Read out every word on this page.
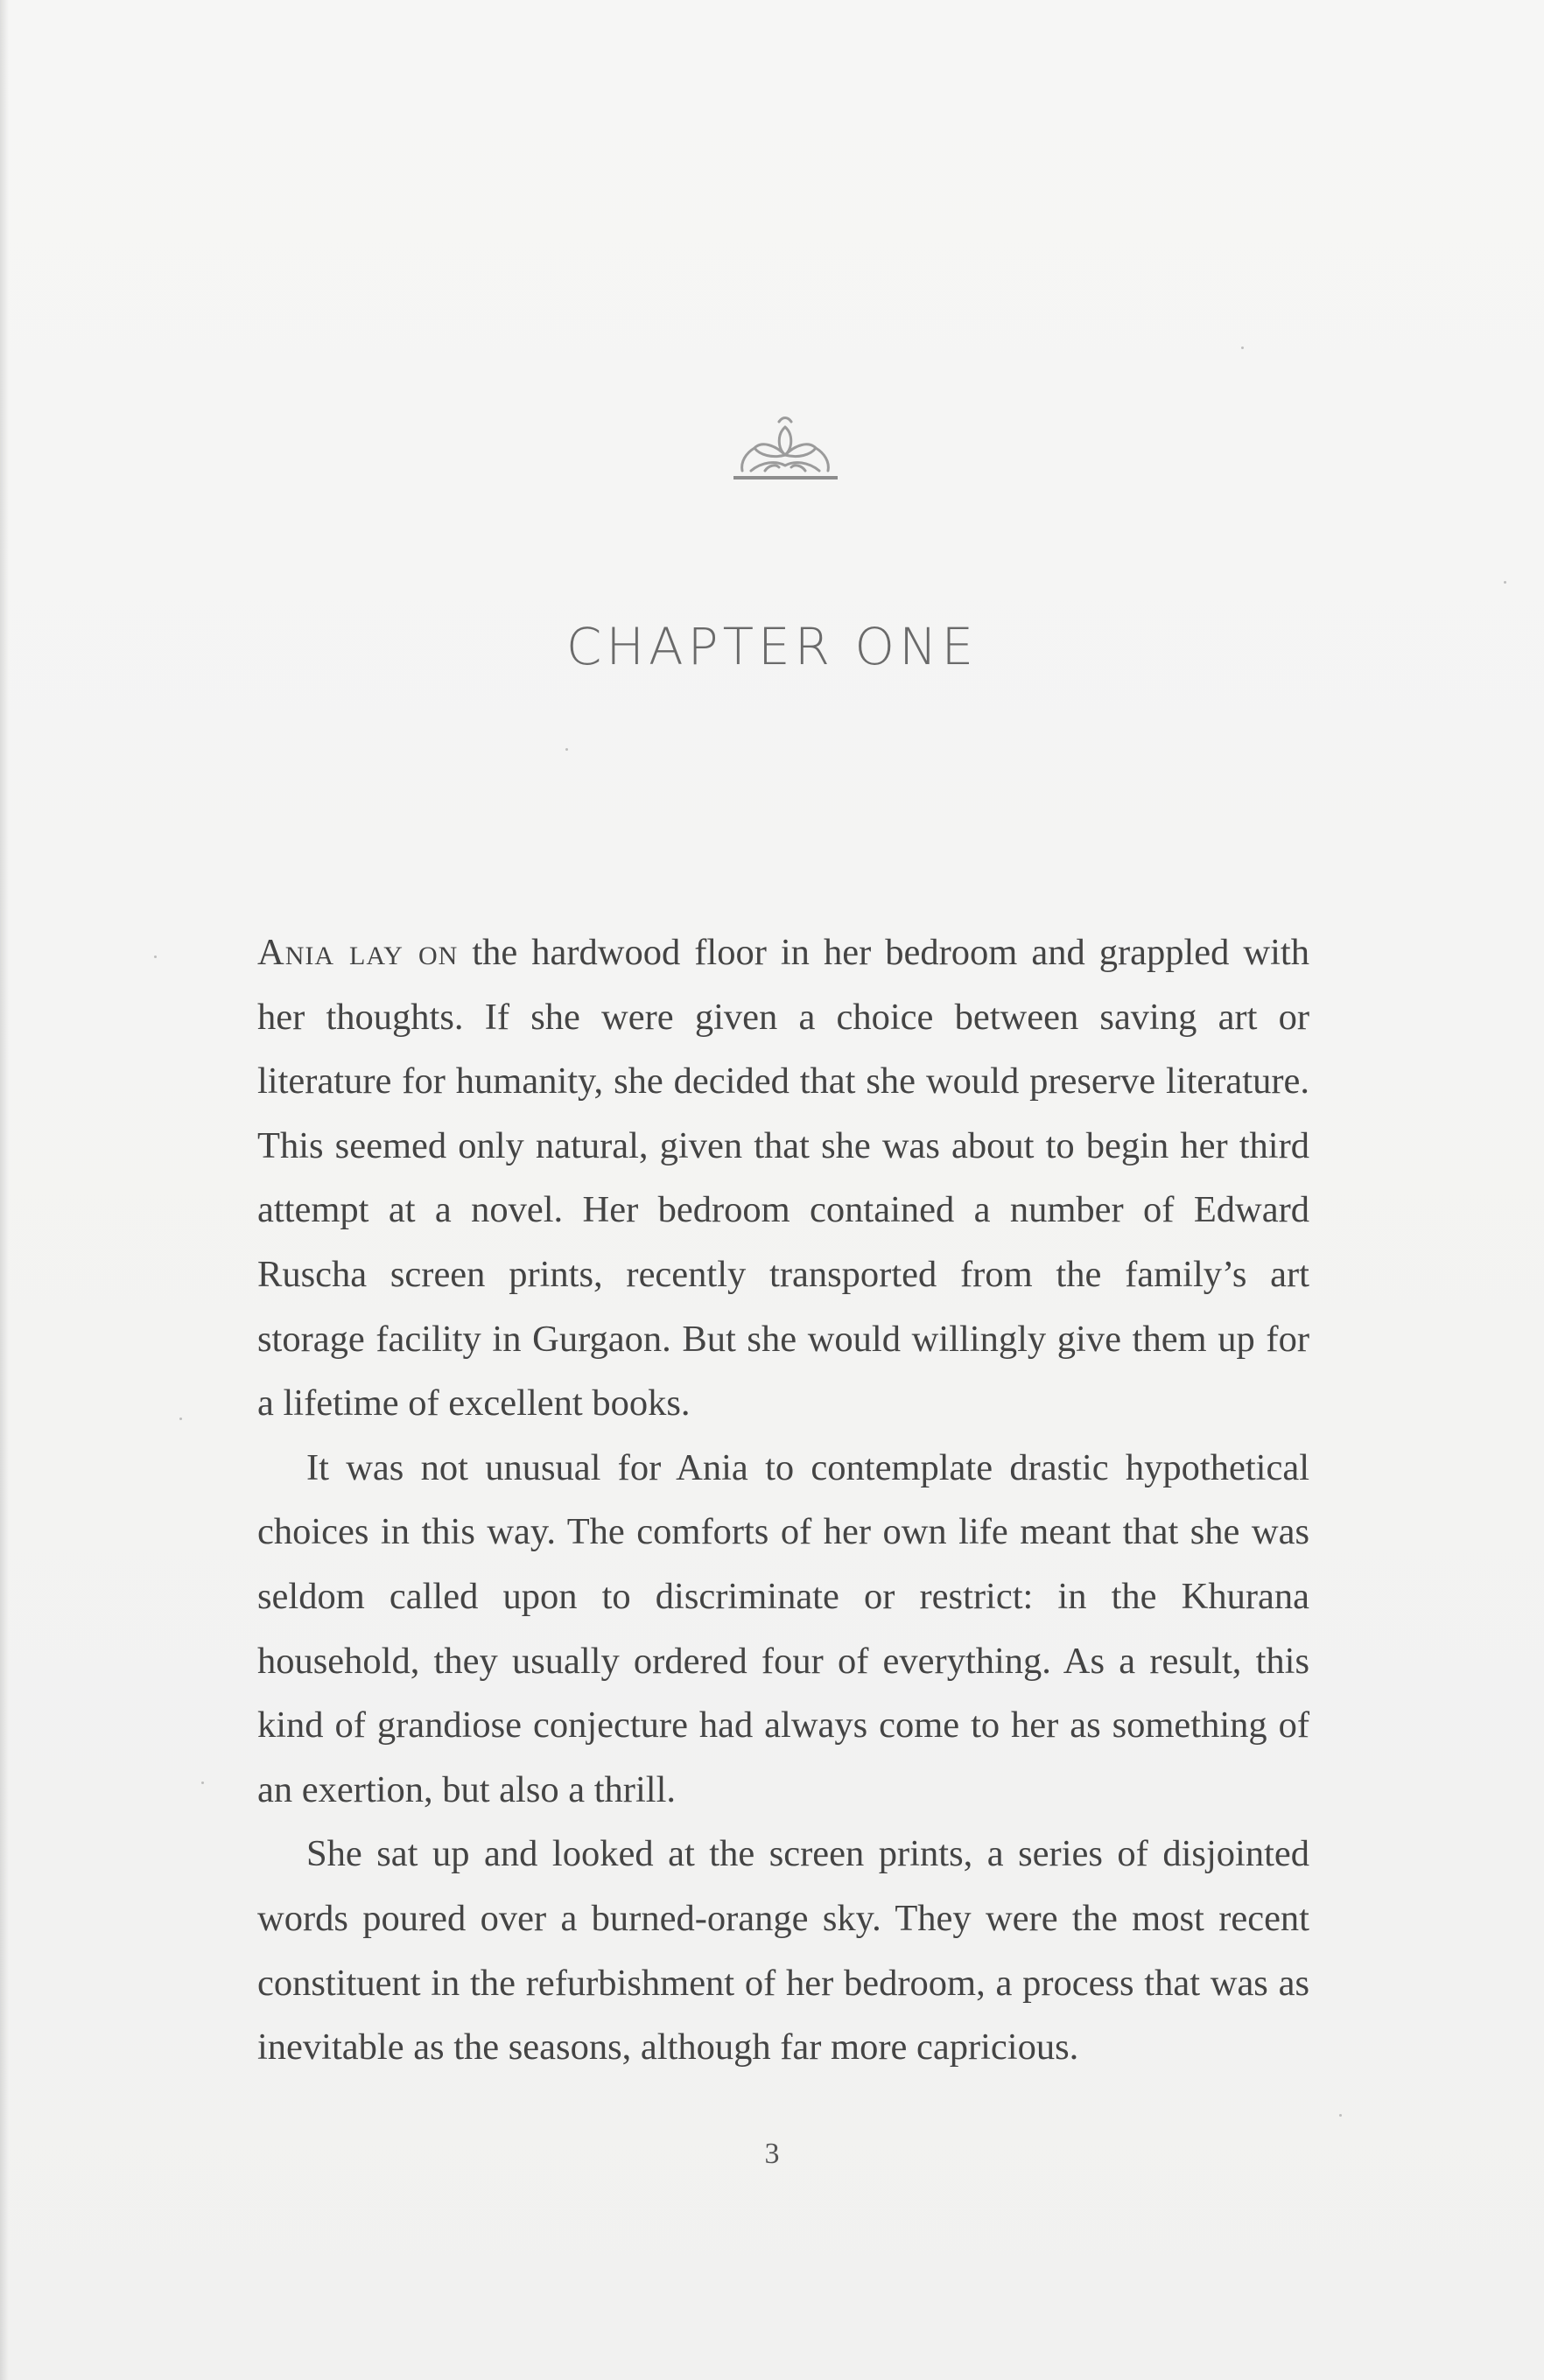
CHAPTER ONE

Ania lay on the hardwood floor in her bedroom and grappled with her thoughts. If she were given a choice between saving art or literature for humanity, she decided that she would preserve literature. This seemed only natural, given that she was about to begin her third attempt at a novel. Her bedroom contained a number of Edward Ruscha screen prints, recently transported from the family’s art storage facility in Gurgaon. But she would willingly give them up for a lifetime of excellent books.

It was not unusual for Ania to contemplate drastic hypothetical choices in this way. The comforts of her own life meant that she was seldom called upon to discriminate or restrict: in the Khurana household, they usually ordered four of everything. As a result, this kind of grandiose conjecture had always come to her as something of an exertion, but also a thrill.

She sat up and looked at the screen prints, a series of disjointed words poured over a burned-orange sky. They were the most recent constituent in the refurbishment of her bedroom, a process that was as inevitable as the seasons, although far more capricious.

3
